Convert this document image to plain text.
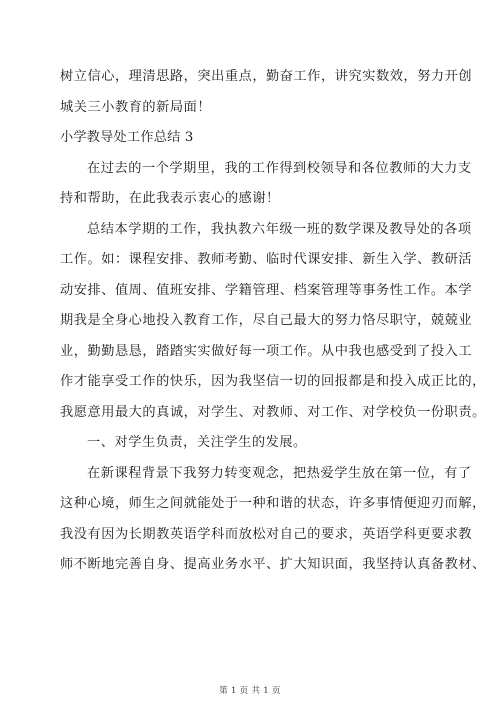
树立信心，理清思路，突出重点，勤奋工作，讲究实数效，努力开创
城关三小教育的新局面！
小学教导处工作总结 3
在过去的一个学期里，我的工作得到校领导和各位教师的大力支
持和帮助，在此我表示衷心的感谢！
总结本学期的工作，我执教六年级一班的数学课及教导处的各项
工作。如：课程安排、教师考勤、临时代课安排、新生入学、教研活
动安排、值周、值班安排、学籍管理、档案管理等事务性工作。本学
期我是全身心地投入教育工作，尽自己最大的努力恪尽职守，兢兢业
业，勤勤恳恳，踏踏实实做好每一项工作。从中我也感受到了投入工
作才能享受工作的快乐，因为我坚信一切的回报都是和投入成正比的，
我愿意用最大的真诚，对学生、对教师、对工作、对学校负一份职责。
一、对学生负责，关注学生的发展。
在新课程背景下我努力转变观念，把热爱学生放在第一位，有了
这种心境，师生之间就能处于一种和谐的状态，许多事情便迎刃而解，
我没有因为长期教英语学科而放松对自己的要求，英语学科更要求教
师不断地完善自身、提高业务水平、扩大知识面，我坚持认真备教材、
第 1 页 共 1 页
